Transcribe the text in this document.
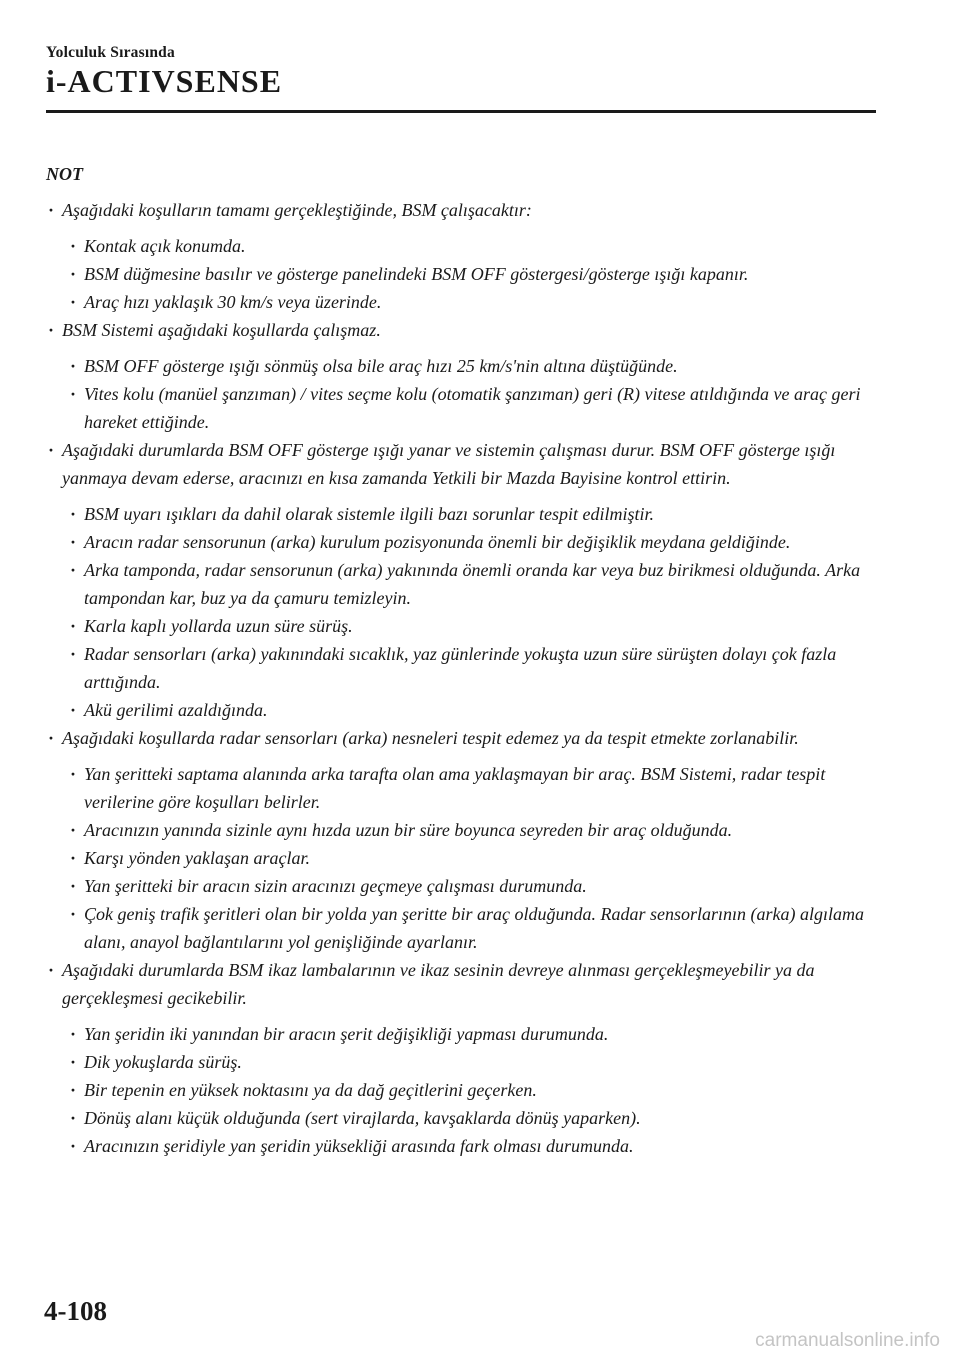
Yolculuk Sırasında
i-ACTIVSENSE
NOT
· Aşağıdaki koşulların tamamı gerçekleştiğinde, BSM çalışacaktır:
· Kontak açık konumda.
· BSM düğmesine basılır ve gösterge panelindeki BSM OFF göstergesi/gösterge ışığı kapanır.
· Araç hızı yaklaşık 30 km/s veya üzerinde.
· BSM Sistemi aşağıdaki koşullarda çalışmaz.
· BSM OFF gösterge ışığı sönmüş olsa bile araç hızı 25 km/s'nin altına düştüğünde.
· Vites kolu (manüel şanzıman) / vites seçme kolu (otomatik şanzıman) geri (R) vitese atıldığında ve araç geri hareket ettiğinde.
· Aşağıdaki durumlarda BSM OFF gösterge ışığı yanar ve sistemin çalışması durur. BSM OFF gösterge ışığı yanmaya devam ederse, aracınızı en kısa zamanda Yetkili bir Mazda Bayisine kontrol ettirin.
· BSM uyarı ışıkları da dahil olarak sistemle ilgili bazı sorunlar tespit edilmiştir.
· Aracın radar sensorunun (arka) kurulum pozisyonunda önemli bir değişiklik meydana geldiğinde.
· Arka tamponda, radar sensorunun (arka) yakınında önemli oranda kar veya buz birikmesi olduğunda. Arka tampondan kar, buz ya da çamuru temizleyin.
· Karla kaplı yollarda uzun süre sürüş.
· Radar sensorları (arka) yakınındaki sıcaklık, yaz günlerinde yokuşta uzun süre sürüşten dolayı çok fazla arttığında.
· Akü gerilimi azaldığında.
· Aşağıdaki koşullarda radar sensorları (arka) nesneleri tespit edemez ya da tespit etmekte zorlanabilir.
· Yan şeritteki saptama alanında arka tarafta olan ama yaklaşmayan bir araç. BSM Sistemi, radar tespit verilerine göre koşulları belirler.
· Aracınızın yanında sizinle aynı hızda uzun bir süre boyunca seyreden bir araç olduğunda.
· Karşı yönden yaklaşan araçlar.
· Yan şeritteki bir aracın sizin aracınızı geçmeye çalışması durumunda.
· Çok geniş trafik şeritleri olan bir yolda yan şeritte bir araç olduğunda. Radar sensorlarının (arka) algılama alanı, anayol bağlantılarını yol genişliğinde ayarlanır.
· Aşağıdaki durumlarda BSM ikaz lambalarının ve ikaz sesinin devreye alınması gerçekleşmeyebilir ya da gerçekleşmesi gecikebilir.
· Yan şeridin iki yanından bir aracın şerit değişikliği yapması durumunda.
· Dik yokuşlarda sürüş.
· Bir tepenin en yüksek noktasını ya da dağ geçitlerini geçerken.
· Dönüş alanı küçük olduğunda (sert virajlarda, kavşaklarda dönüş yaparken).
· Aracınızın şeridiyle yan şeridin yüksekliği arasında fark olması durumunda.
4-108
carmanualsonline.info
